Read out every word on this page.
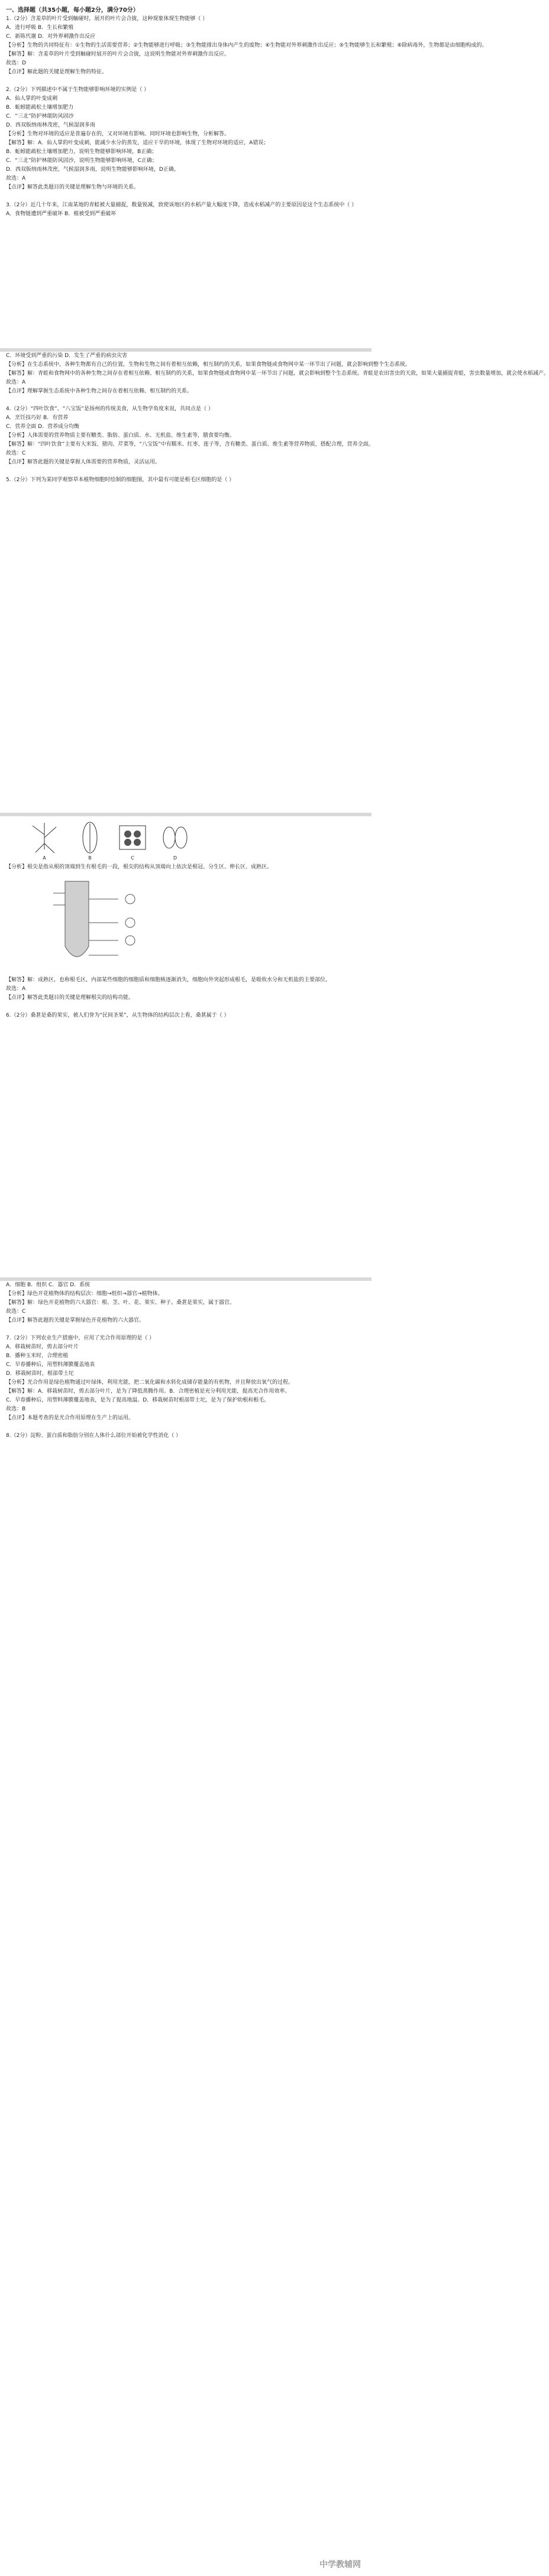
一、选择题（共35小题，每小题2分，满分70分）
1.（2分）含羞草的叶片受到触碰时，展开的叶片会合拢，这种现象体现生物能够（ ）
A．进行呼吸 B．生长和繁殖
C．新陈代谢 D．对外界刺激作出反应
【分析】生物的共同特征有：①生物的生活需要营养；②生物能够进行呼吸；③生物能排出身体内产生的废物；④生物能对外界刺激作出反应；⑤生物能够生长和繁殖；⑥除病毒外，生物都是由细胞构成的。
【解答】解：含羞草的叶片受到触碰时展开的叶片会合拢，这说明生物能对外界刺激作出反应。
故选：D
【点评】解此题的关键是理解生物的特征。

2.（2分）下列描述中不属于生物能够影响环境的实例是（ ）
A．仙人掌的叶变成刺
B．蚯蚓能疏松土壤增加肥力
C．“三北”防护林能防风固沙
D．西双版纳雨林茂密，气候湿润多雨
【分析】生物对环境的适应是普遍存在的，又对环境有影响。同时环境也影响生物，分析解答。
【解答】解：A．仙人掌的叶变成刺，能减少水分的蒸发，适应干旱的环境，体现了生物对环境的适应，A错误；
B．蚯蚓能疏松土壤增加肥力，说明生物能够影响环境，B正确；
C．“三北”防护林能防风固沙，说明生物能够影响环境，C正确；
D．西双版纳雨林茂密，气候湿润多雨，说明生物能够影响环境，D正确。
故选：A
【点评】解答此类题目的关键是理解生物与环境的关系。

3.（2分）近几十年来，江南某地的青蛙被大量捕捉，数量锐减，致使该地区的水稻产量大幅度下降，造成水稻减产的主要原因是这个生态系统中（ ）
A．食物链遭到严重破坏 B．植被受到严重破坏
C．环境受到严重的污染 D．发生了严重的病虫灾害
【分析】在生态系统中，各种生物都有自己的位置，生物和生物之间有着相互依赖，相互制约的关系，如果食物链或食物网中某一环节出了问题，就会影响到整个生态系统。
【解答】解：青蛙和食物网中的各种生物之间存在着相互依赖、相互制约的关系，如果食物链或食物网中某一环节出了问题，就会影响到整个生态系统。青蛙是农田害虫的天敌，如果大量捕捉青蛙，害虫数量增加，就会使水稻减产。
故选：A
【点评】理解掌握生态系统中各种生物之间存在着相互依赖、相互制约的关系。

4.（2分）“四叶饮食”、“八宝饭”是扬州的传统美食，从生物学角度来说，共同点是（ ）
A．烹饪技巧好 B．有营养
C．营养全面 D．营养成分均衡
【分析】人体需要的营养物质主要有糖类、脂肪、蛋白质、水、无机盐、维生素等，膳食要均衡。
【解答】解：“四叶饮食”主要有大米饭、猪肉、芹菜等，“八宝饭”中有糯米、红枣、莲子等，含有糖类、蛋白质、维生素等营养物质，搭配合理，营养全面。
故选：C
【点评】解答此题的关键是掌握人体需要的营养物质，灵活运用。

5.（2分）下列为某同学观察草本植物细胞时绘制的细胞图，其中最有可能是根毛区细胞的是（ ）
A	B	C	D
【分析】根尖是指从根的顶端到生有根毛的一段，根尖的结构从顶端向上依次是根冠、分生区、伸长区、成熟区。
【解答】解：成熟区，也称根毛区，内部某些细胞的细胞质和细胞核逐渐消失，细胞向外突起形成根毛，是吸收水分和无机盐的主要部位。
故选：A
【点评】解答此类题目的关键是理解根尖的结构功能。

6.（2分）桑葚是桑的果实，被人们誉为“民间圣果”，从生物体的结构层次上看，桑葚属于（ ）
A．细胞 B．组织 C．器官 D．系统
【分析】绿色开花植物体的结构层次：细胞→组织→器官→植物体。
【解答】解：绿色开花植物的六大器官：根、茎、叶、花、果实、种子。桑葚是果实，属于器官。
故选：C
【点评】解答此题的关键是掌握绿色开花植物的六大器官。

7.（2分）下列农业生产措施中，应用了光合作用原理的是（ ）
A．移栽树苗时，剪去部分叶片
B．播种玉米时，合理密植
C．早春播种后，用塑料薄膜覆盖地表
D．移栽树苗时，根部带土坨
【分析】光合作用是绿色植物通过叶绿体，利用光能，把二氧化碳和水转化成储存能量的有机物，并且释放出氧气的过程。
【解答】解：A．移栽树苗时，剪去部分叶片，是为了降低蒸腾作用。B．合理密植是充分利用光能，提高光合作用效率。
C．早春播种后，用塑料薄膜覆盖地表，是为了提高地温。D．移栽树苗时根部带土坨，是为了保护幼根和根毛。
故选：B
【点评】本题考查的是光合作用原理在生产上的运用。

8.（2分）淀粉、蛋白质和脂肪分别在人体什么部位开始被化学性消化（ ）
中学教辅网
